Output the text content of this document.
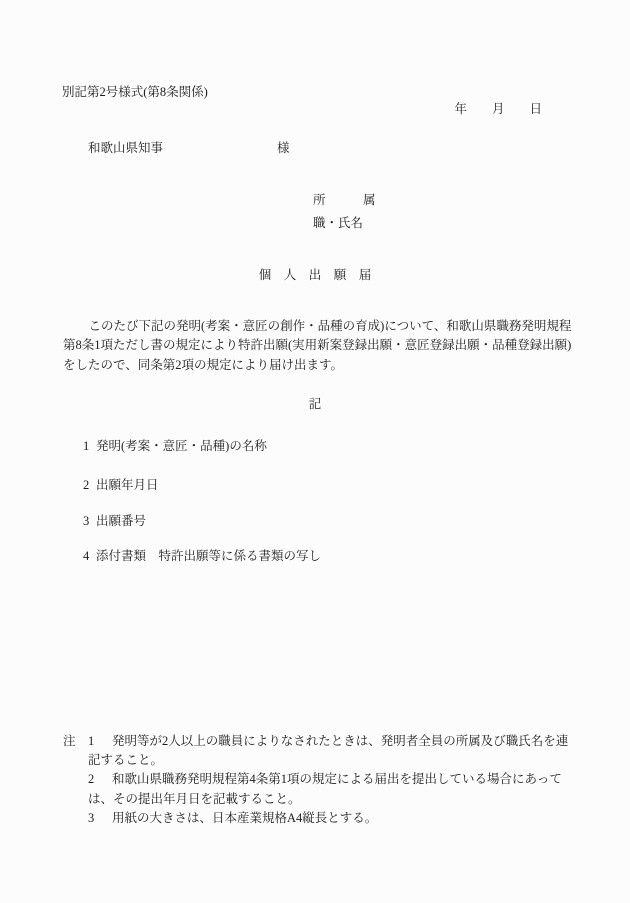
別記第2号様式(第8条関係)
年　　月　　日
和歌山県知事	様
所　　　属
職・氏名
個　人　出　願　届
　このたび下記の発明(考案・意匠の創作・品種の育成)について、和歌山県職務発明規程
第8条1項ただし書の規定により特許出願(実用新案登録出願・意匠登録出願・品種登録出願)
をしたので、同条第2項の規定により届け出ます。
記
1 発明(考案・意匠・品種)の名称
2 出願年月日
3 出願番号
4 添付書類　特許出願等に係る書類の写し
注 1 発明等が2人以上の職員によりなされたときは、発明者全員の所属及び職氏名を連
記すること。
2 和歌山県職務発明規程第4条第1項の規定による届出を提出している場合にあって
は、その提出年月日を記載すること。
3 用紙の大きさは、日本産業規格A4縦長とする。
